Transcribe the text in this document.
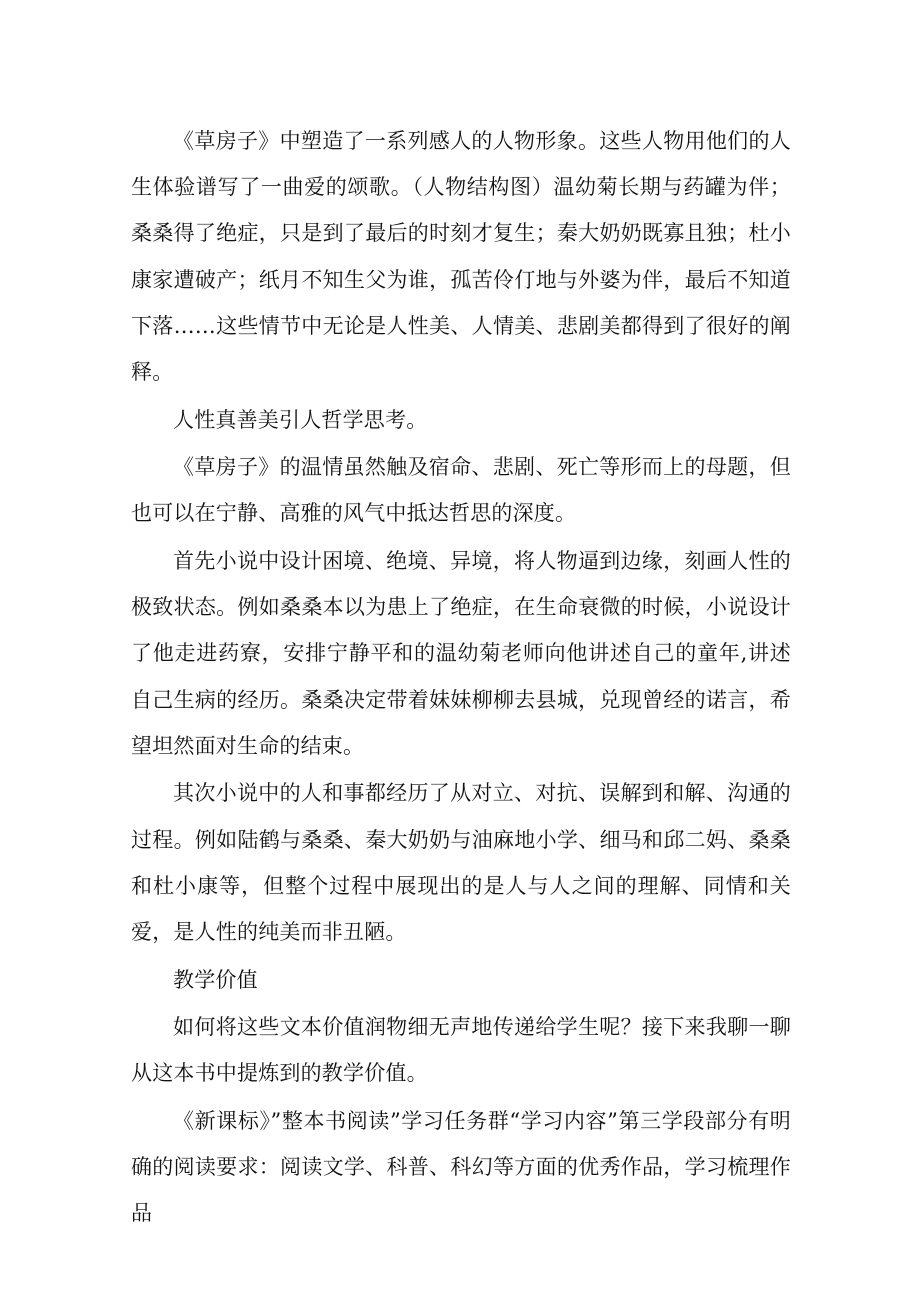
《草房子》中塑造了一系列感人的人物形象。这些人物用他们的人生体验谱写了一曲爱的颂歌。（人物结构图）温幼菊长期与药罐为伴；桑桑得了绝症，只是到了最后的时刻才复生；秦大奶奶既寡且独；杜小康家遭破产；纸月不知生父为谁，孤苦伶仃地与外婆为伴，最后不知道下落……这些情节中无论是人性美、人情美、悲剧美都得到了很好的阐释。

人性真善美引人哲学思考。

《草房子》的温情虽然触及宿命、悲剧、死亡等形而上的母题，但也可以在宁静、高雅的风气中抵达哲思的深度。

首先小说中设计困境、绝境、异境，将人物逼到边缘，刻画人性的极致状态。例如桑桑本以为患上了绝症，在生命衰微的时候，小说设计了他走进药寮，安排宁静平和的温幼菊老师向他讲述自己的童年,讲述自己生病的经历。桑桑决定带着妹妹柳柳去县城，兑现曾经的诺言，希望坦然面对生命的结束。

其次小说中的人和事都经历了从对立、对抗、误解到和解、沟通的过程。例如陆鹤与桑桑、秦大奶奶与油麻地小学、细马和邱二妈、桑桑和杜小康等，但整个过程中展现出的是人与人之间的理解、同情和关爱，是人性的纯美而非丑陋。

教学价值

如何将这些文本价值润物细无声地传递给学生呢？接下来我聊一聊从这本书中提炼到的教学价值。

《新课标》”整本书阅读”学习任务群“学习内容”第三学段部分有明确的阅读要求：阅读文学、科普、科幻等方面的优秀作品，学习梳理作品
